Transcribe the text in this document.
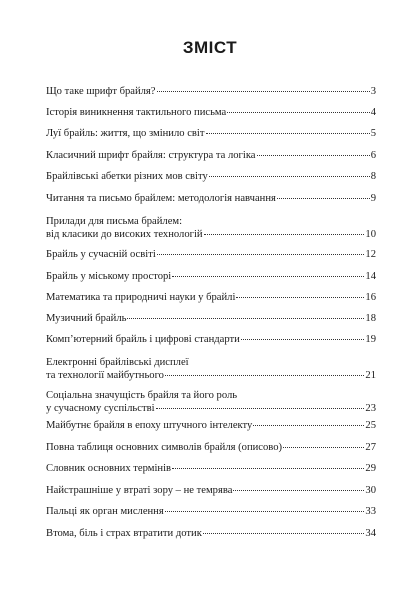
ЗМІСТ
Що таке шрифт брайля?	3
Історія виникнення тактильного письма	4
Луї брайль: життя, що змінило світ	5
Класичний шрифт брайля: структура та логіка	6
Брайлівські абетки різних мов світу	8
Читання та письмо брайлем: методологія навчання	9
Прилади для письма брайлем:
від класики до високих технологій	10
Брайль у сучасній освіті	12
Брайль у міському просторі	14
Математика та природничі науки у брайлі	16
Музичний брайль	18
Комп’ютерний брайль і цифрові стандарти	19
Електронні брайлівські дисплеї
та технології майбутнього	21
Соціальна значущість брайля та його роль
у сучасному суспільстві	23
Майбутнє брайля в епоху штучного інтелекту	25
Повна таблиця основних символів брайля (описово)	27
Словник основних термінів	29
Найстрашніше у втраті зору – не темрява	30
Пальці як орган мислення	33
Втома, біль і страх втратити дотик	34
